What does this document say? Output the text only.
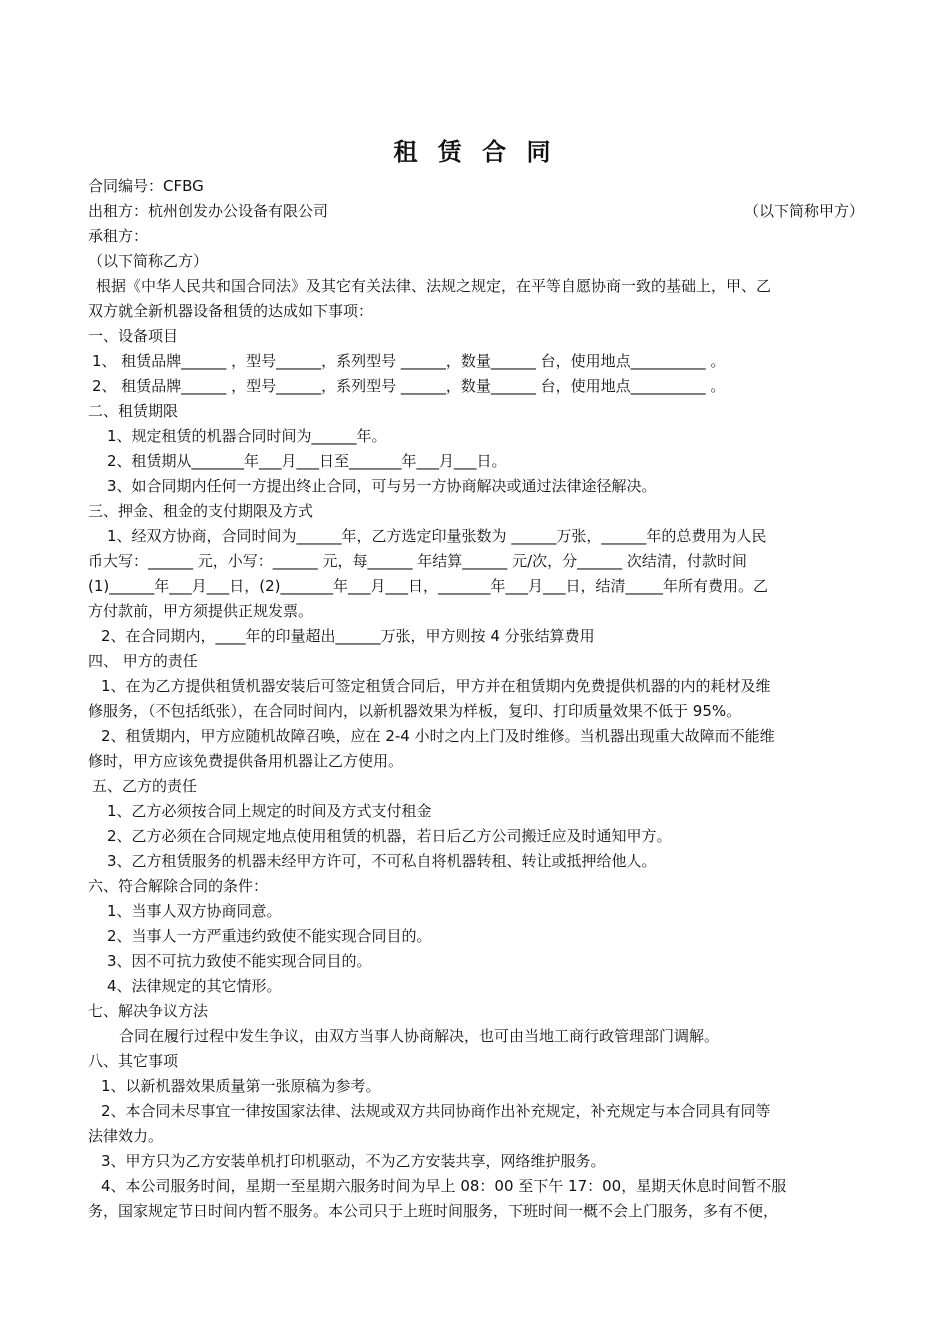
租 赁 合 同
合同编号：CFBG
出租方：杭州创发办公设备有限公司	（以下简称甲方）
承租方：
（以下简称乙方）
根据《中华人民共和国合同法》及其它有关法律、法规之规定，在平等自愿协商一致的基础上，甲、乙
双方就全新机器设备租赁的达成如下事项：
一、设备项目
1、 租赁品牌______ ，型号______，系列型号 ______，数量______ 台，使用地点__________ 。
2、 租赁品牌______ ，型号______，系列型号 ______，数量______ 台，使用地点__________ 。
二、租赁期限
1、规定租赁的机器合同时间为______年。
2、租赁期从_______年___月___日至_______年___月___日。
3、如合同期内任何一方提出终止合同，可与另一方协商解决或通过法律途径解决。
三、押金、租金的支付期限及方式
1、经双方协商，合同时间为______年，乙方选定印量张数为 ______万张，______年的总费用为人民
币大写：______ 元，小写：______ 元，每______ 年结算______ 元/次，分______ 次结清，付款时间
(1)______年___月___日，(2)_______年___月___日，_______年___月___日，结清_____年所有费用。乙
方付款前，甲方须提供正规发票。
2、在合同期内，____年的印量超出______万张，甲方则按 4 分张结算费用
四、 甲方的责任
1、在为乙方提供租赁机器安装后可签定租赁合同后，甲方并在租赁期内免费提供机器的内的耗材及维
修服务，（不包括纸张），在合同时间内，以新机器效果为样板，复印、打印质量效果不低于 95%。
2、租赁期内，甲方应随机故障召唤，应在 2-4 小时之内上门及时维修。当机器出现重大故障而不能维
修时，甲方应该免费提供备用机器让乙方使用。
五、乙方的责任
1、乙方必须按合同上规定的时间及方式支付租金
2、乙方必须在合同规定地点使用租赁的机器，若日后乙方公司搬迁应及时通知甲方。
3、乙方租赁服务的机器未经甲方许可，不可私自将机器转租、转让或抵押给他人。
六、符合解除合同的条件：
1、当事人双方协商同意。
2、当事人一方严重违约致使不能实现合同目的。
3、因不可抗力致使不能实现合同目的。
4、法律规定的其它情形。
七、解决争议方法
合同在履行过程中发生争议，由双方当事人协商解决，也可由当地工商行政管理部门调解。
八、其它事项
1、以新机器效果质量第一张原稿为参考。
2、本合同未尽事宜一律按国家法律、法规或双方共同协商作出补充规定，补充规定与本合同具有同等
法律效力。
3、甲方只为乙方安装单机打印机驱动，不为乙方安装共享，网络维护服务。
4、本公司服务时间，星期一至星期六服务时间为早上 08：00 至下午 17：00，星期天休息时间暂不服
务，国家规定节日时间内暂不服务。本公司只于上班时间服务，下班时间一概不会上门服务，多有不便，
